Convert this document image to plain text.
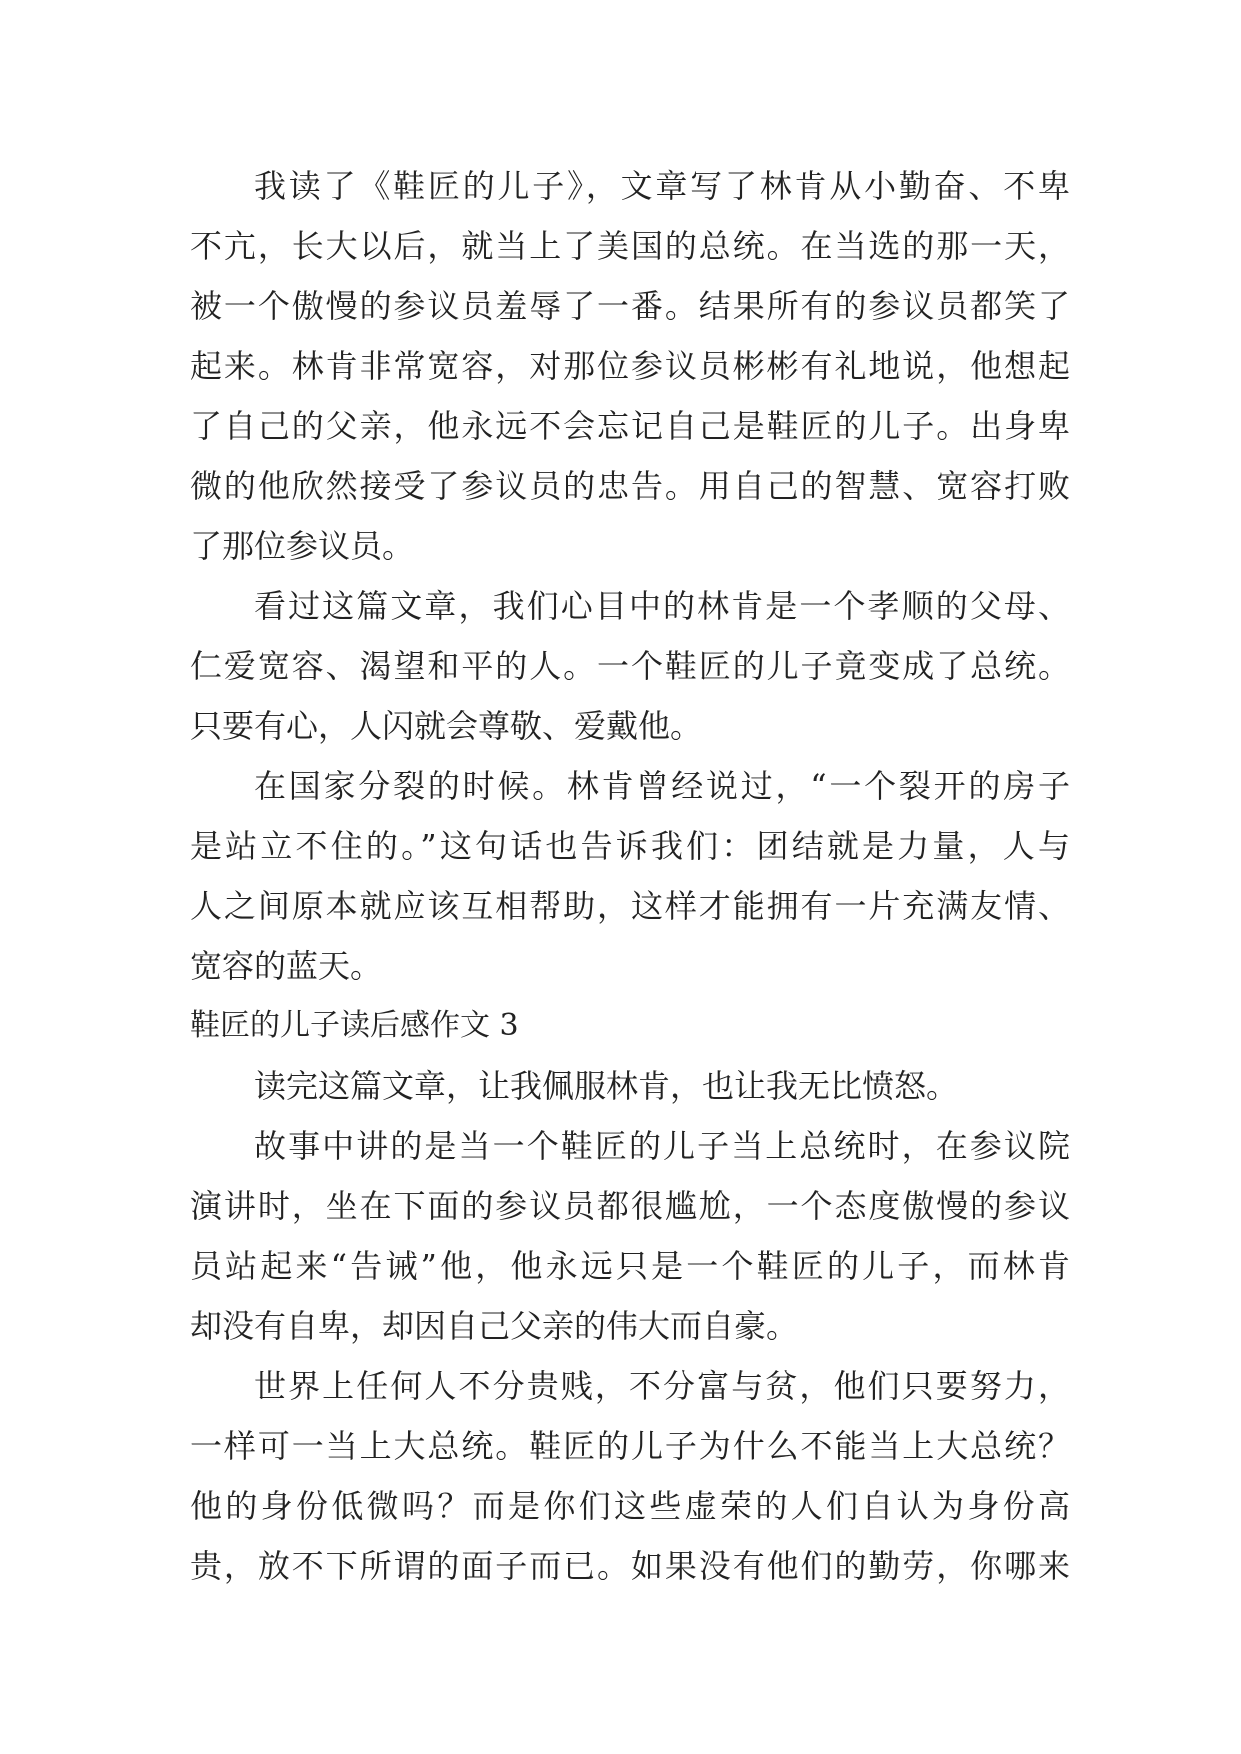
我读了《鞋匠的儿子》，文章写了林肯从小勤奋、不卑
不亢，长大以后，就当上了美国的总统。在当选的那一天，
被一个傲慢的参议员羞辱了一番。结果所有的参议员都笑了
起来。林肯非常宽容，对那位参议员彬彬有礼地说，他想起
了自己的父亲，他永远不会忘记自己是鞋匠的儿子。出身卑
微的他欣然接受了参议员的忠告。用自己的智慧、宽容打败
了那位参议员。
看过这篇文章，我们心目中的林肯是一个孝顺的父母、
仁爱宽容、渴望和平的人。一个鞋匠的儿子竟变成了总统。
只要有心，人闪就会尊敬、爱戴他。
在国家分裂的时候。林肯曾经说过，“一个裂开的房子
是站立不住的。”这句话也告诉我们：团结就是力量，人与
人之间原本就应该互相帮助，这样才能拥有一片充满友情、
宽容的蓝天。
鞋匠的儿子读后感作文 3
读完这篇文章，让我佩服林肯，也让我无比愤怒。
故事中讲的是当一个鞋匠的儿子当上总统时，在参议院
演讲时，坐在下面的参议员都很尴尬，一个态度傲慢的参议
员站起来“告诫”他，他永远只是一个鞋匠的儿子，而林肯
却没有自卑，却因自己父亲的伟大而自豪。
世界上任何人不分贵贱，不分富与贫，他们只要努力，
一样可一当上大总统。鞋匠的儿子为什么不能当上大总统？
他的身份低微吗？而是你们这些虚荣的人们自认为身份高
贵，放不下所谓的面子而已。如果没有他们的勤劳，你哪来
